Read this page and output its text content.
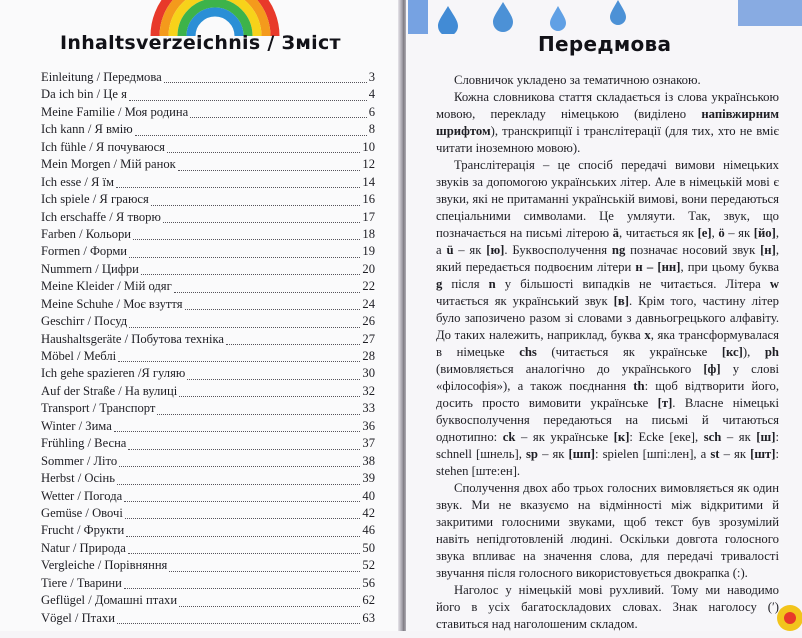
Inhaltsverzeichnis / Зміст
Einleitung / Передмова	3
Da ich bin / Це я	4
Meine Familie / Моя родина	6
Ich kann / Я вмію	8
Ich fühle / Я почуваюся	10
Mein Morgen / Мій ранок	12
Ich esse / Я їм	14
Ich spiele / Я граюся	16
Ich erschaffe / Я творю	17
Farben / Кольори	18
Formen / Форми	19
Nummern / Цифри	20
Meine Kleider / Мій одяг	22
Meine Schuhe / Моє взуття	24
Geschirr / Посуд	26
Haushaltsgeräte / Побутова техніка	27
Möbel / Меблі	28
Ich gehe spazieren /Я гуляю	30
Auf der Straße / На вулиці	32
Transport / Транспорт	33
Winter / Зима	36
Frühling / Весна	37
Sommer / Літо	38
Herbst / Осінь	39
Wetter / Погода	40
Gemüse / Овочі	42
Frucht / Фрукти	46
Natur / Природа	50
Vergleiche / Порівняння	52
Tiere / Тварини	56
Geflügel / Домашні птахи	62
Vögel / Птахи	63
Передмова

Словничок укладено за тематичною ознакою.

Кожна словникова стаття складається із слова українською мовою, перекладу німецькою (виділено напівжирним шрифтом), транскрипції і транслітерації (для тих, хто не вміє читати іноземною мовою).

Транслітерація – це спосіб передачі вимови німецьких звуків за допомогою українських літер. Але в німецькій мові є звуки, які не притаманні українській вимові, вони передаються спеціальними символами. Це умляути. Так, звук, що позначається на письмі літерою ä, читається як [е], ö – як [йо], а ü – як [ю]. Буквосполучення ng позначає носовий звук [н], який передається подвоєним літери н – [нн], при цьому буква g після n у більшості випадків не читається. Літера w читається як український звук [в]. Крім того, частину літер було запозичено разом зі словами з давньогрецького алфавіту. До таких належить, наприклад, буква x, яка трансформувалася в німецьке chs (читається як українське [кс]), ph (вимовляється аналогічно до українського [ф] у слові «філософія»), а також поєднання th: щоб відтворити його, досить просто вимовити українське [т]. Власне німецькі буквосполучення передаються на письмі й читаються однотипно: ck – як українське [к]: Ecke [еке], sch – як [ш]: schnell [шнель], sp – як [шп]: spielen [шпі:лен], а st – як [шт]: stehen [ште:ен].

Сполучення двох або трьох голосних вимовляється як один звук. Ми не вказуємо на відмінності між відкритими й закритими голосними звуками, щоб текст був зрозумілий навіть непідготовленій людині. Оскільки довгота голосного звука впливає на значення слова, для передачі тривалості звучання після голосного використовується двокрапка (:).

Наголос у німецькій мові рухливий. Тому ми наводимо його в усіх багатоскладових словах. Знак наголосу (ʹ) ставиться над наголошеним складом.
